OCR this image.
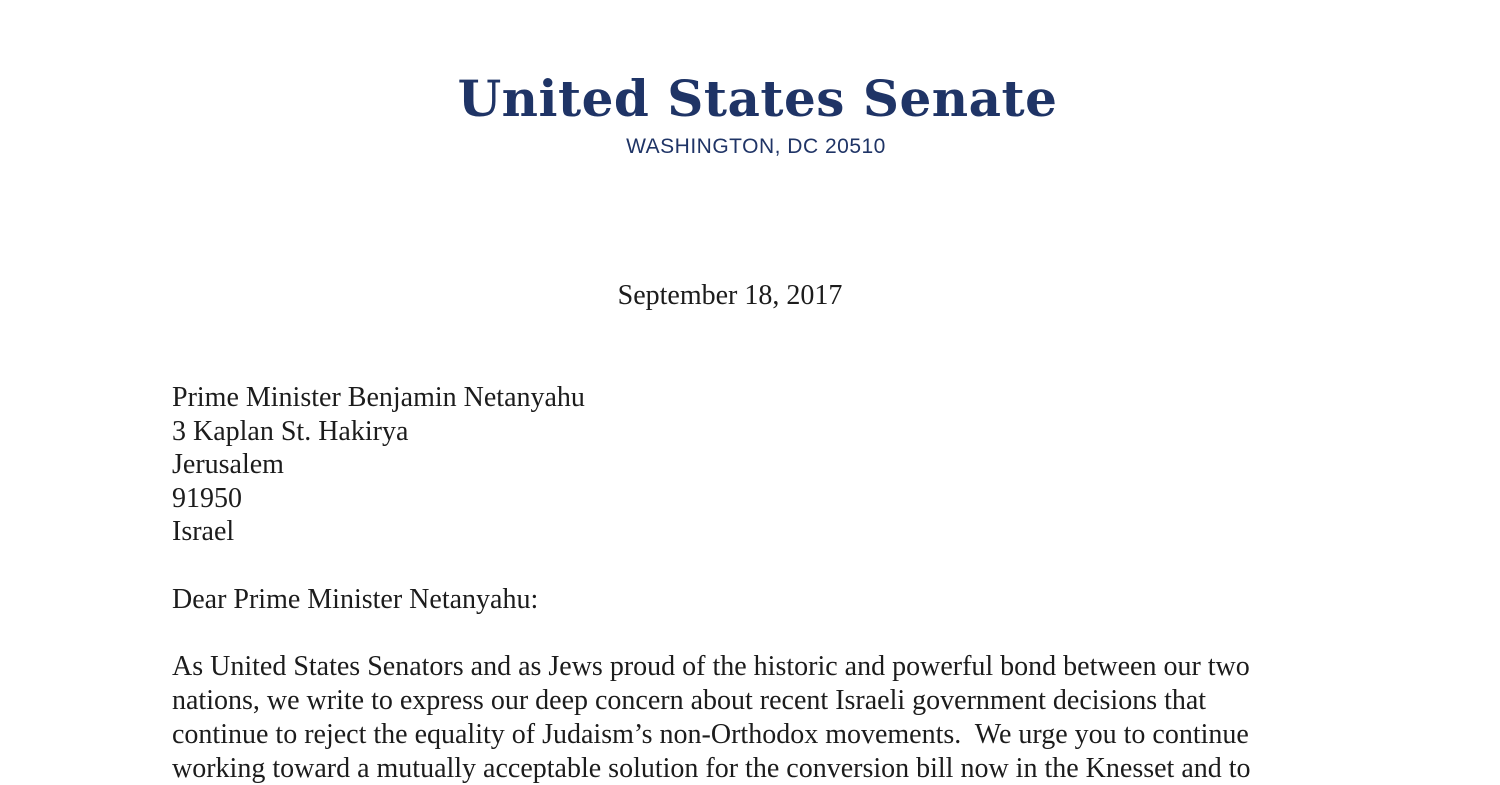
United States Senate
WASHINGTON, DC 20510
September 18, 2017
Prime Minister Benjamin Netanyahu
3 Kaplan St. Hakirya
Jerusalem
91950
Israel
Dear Prime Minister Netanyahu:
As United States Senators and as Jews proud of the historic and powerful bond between our two
nations, we write to express our deep concern about recent Israeli government decisions that
continue to reject the equality of Judaism’s non-Orthodox movements.  We urge you to continue
working toward a mutually acceptable solution for the conversion bill now in the Knesset and to
